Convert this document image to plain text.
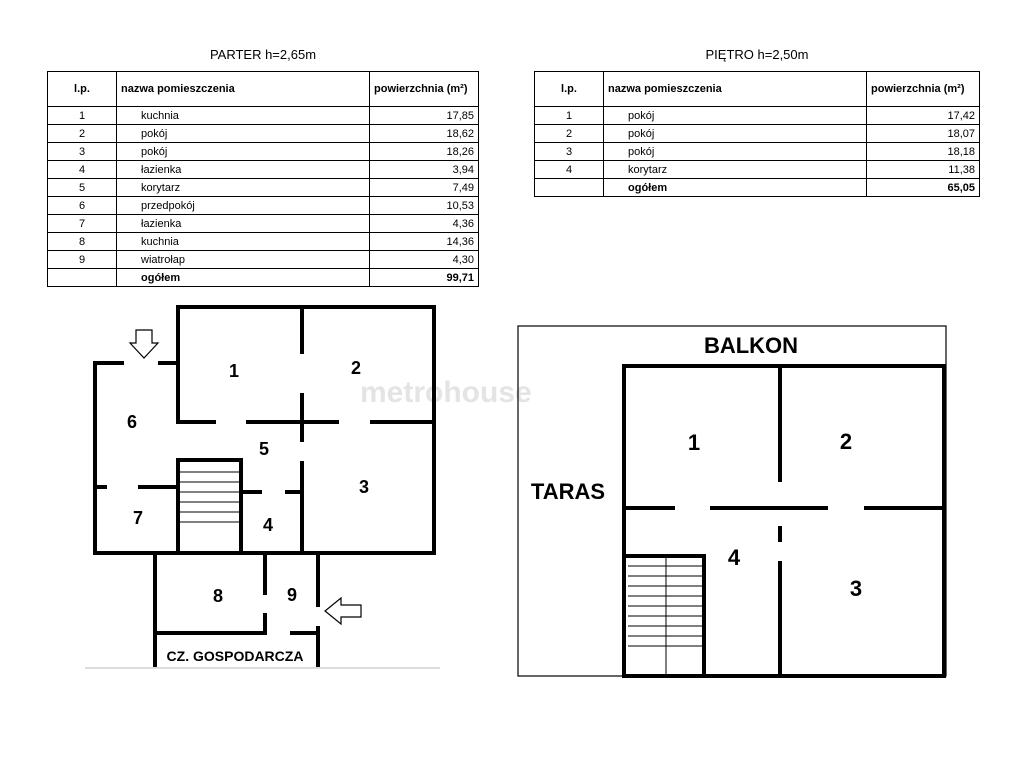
PARTER h=2,65m
l.p.	nazwa pomieszczenia	powierzchnia (m²)
1	kuchnia	17,85
2	pokój	18,62
3	pokój	18,26
4	łazienka	3,94
5	korytarz	7,49
6	przedpokój	10,53
7	łazienka	4,36
8	kuchnia	14,36
9	wiatrołap	4,30
	ogółem	99,71
PIĘTRO h=2,50m
l.p.	nazwa pomieszczenia	powierzchnia (m²)
1	pokój	17,42
2	pokój	18,07
3	pokój	18,18
4	korytarz	11,38
	ogółem	65,05
metrohouse
1	2
3
4
5
6
7
8	9
CZ. GOSPODARCZA
1	2
3
4
BALKON
TARAS
